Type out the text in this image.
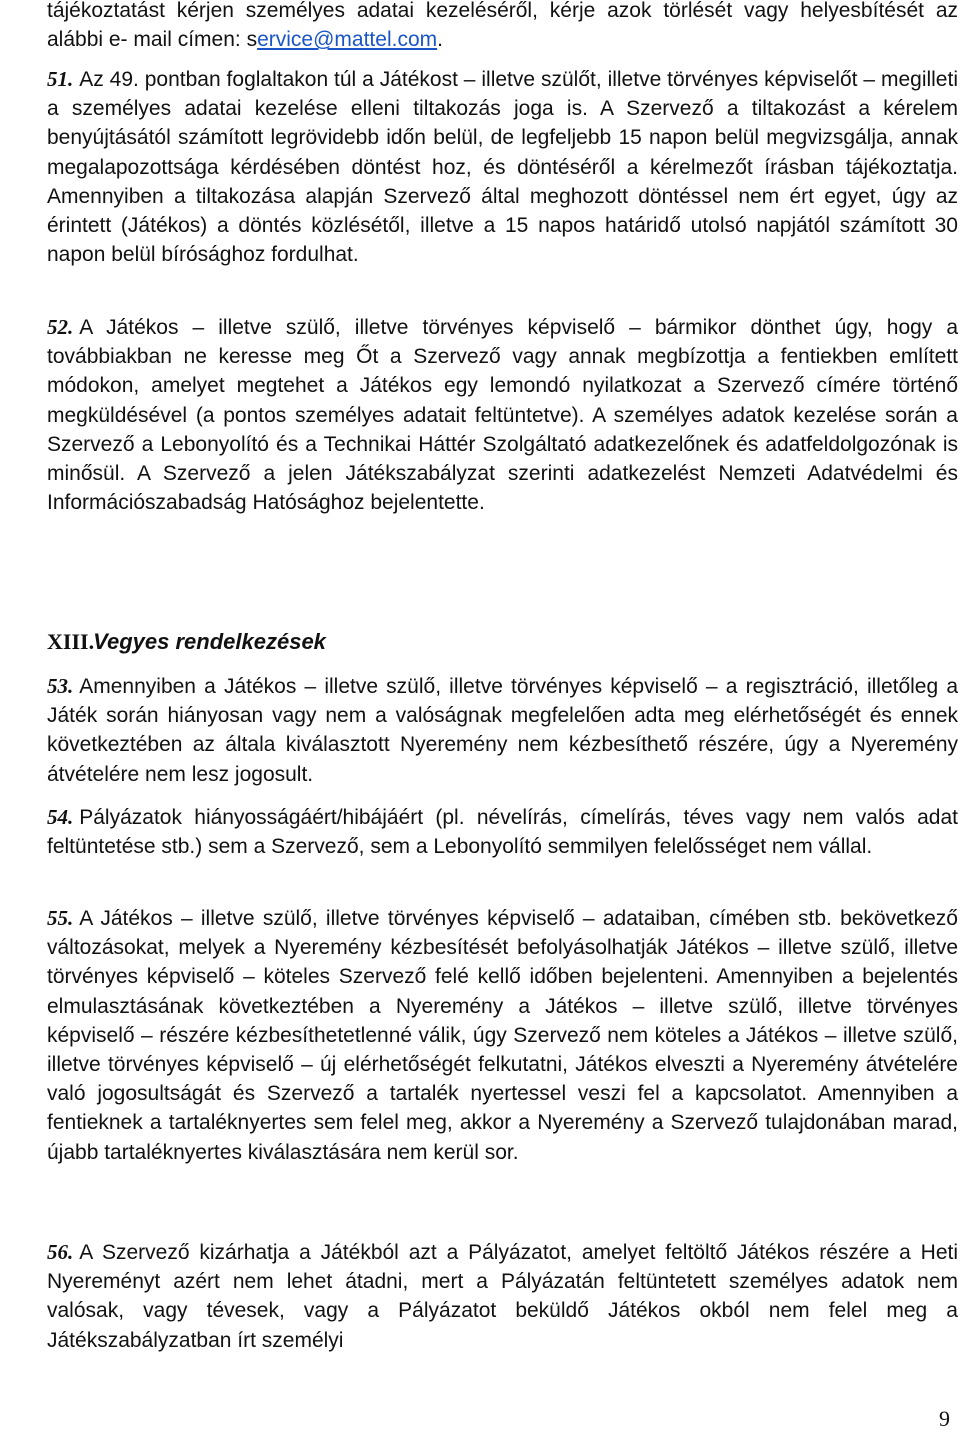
tájékoztatást kérjen személyes adatai kezeléséről, kérje azok törlését vagy helyesbítését az alábbi e- mail címen: service@mattel.com.

51. Az 49. pontban foglaltakon túl a Játékost – illetve szülőt, illetve törvényes képviselőt – megilleti a személyes adatai kezelése elleni tiltakozás joga is. A Szervező a tiltakozást a kérelem benyújtásától számított legrövidebb időn belül, de legfeljebb 15 napon belül megvizsgálja, annak megalapozottsága kérdésében döntést hoz, és döntéséről a kérelmezőt írásban tájékoztatja. Amennyiben a tiltakozása alapján Szervező által meghozott döntéssel nem ért egyet, úgy az érintett (Játékos) a döntés közlésétől, illetve a 15 napos határidő utolsó napjától számított 30 napon belül bírósághoz fordulhat.

52. A Játékos – illetve szülő, illetve törvényes képviselő – bármikor dönthet úgy, hogy a továbbiakban ne keresse meg Őt a Szervező vagy annak megbízottja a fentiekben említett módokon, amelyet megtehet a Játékos egy lemondó nyilatkozat a Szervező címére történő megküldésével (a pontos személyes adatait feltüntetve). A személyes adatok kezelése során a Szervező a Lebonyolító és a Technikai Háttér Szolgáltató adatkezelőnek és adatfeldolgozónak is minősül. A Szervező a jelen Játékszabályzat szerinti adatkezelést Nemzeti Adatvédelmi és Információszabadság Hatósághoz bejelentette.

XIII. Vegyes rendelkezések

53. Amennyiben a Játékos – illetve szülő, illetve törvényes képviselő – a regisztráció, illetőleg a Játék során hiányosan vagy nem a valóságnak megfelelően adta meg elérhetőségét és ennek következtében az általa kiválasztott Nyeremény nem kézbesíthető részére, úgy a Nyeremény átvételére nem lesz jogosult.

54. Pályázatok hiányosságáért/hibájáért (pl. névelírás, címelírás, téves vagy nem valós adat feltüntetése stb.) sem a Szervező, sem a Lebonyolító semmilyen felelősséget nem vállal.

55. A Játékos – illetve szülő, illetve törvényes képviselő – adataiban, címében stb. bekövetkező változásokat, melyek a Nyeremény kézbesítését befolyásolhatják Játékos – illetve szülő, illetve törvényes képviselő – köteles Szervező felé kellő időben bejelenteni. Amennyiben a bejelentés elmulasztásának következtében a Nyeremény a Játékos – illetve szülő, illetve törvényes képviselő – részére kézbesíthetetlenné válik, úgy Szervező nem köteles a Játékos – illetve szülő, illetve törvényes képviselő – új elérhetőségét felkutatni, Játékos elveszti a Nyeremény átvételére való jogosultságát és Szervező a tartalék nyertessel veszi fel a kapcsolatot. Amennyiben a fentieknek a tartaléknyertes sem felel meg, akkor a Nyeremény a Szervező tulajdonában marad, újabb tartaléknyertes kiválasztására nem kerül sor.

56. A Szervező kizárhatja a Játékból azt a Pályázatot, amelyet feltöltő Játékos részére a Heti Nyereményt azért nem lehet átadni, mert a Pályázatán feltüntetett személyes adatok nem valósak, vagy tévesek, vagy a Pályázatot beküldő Játékos okból nem felel meg a Játékszabályzatban írt személyi

9
